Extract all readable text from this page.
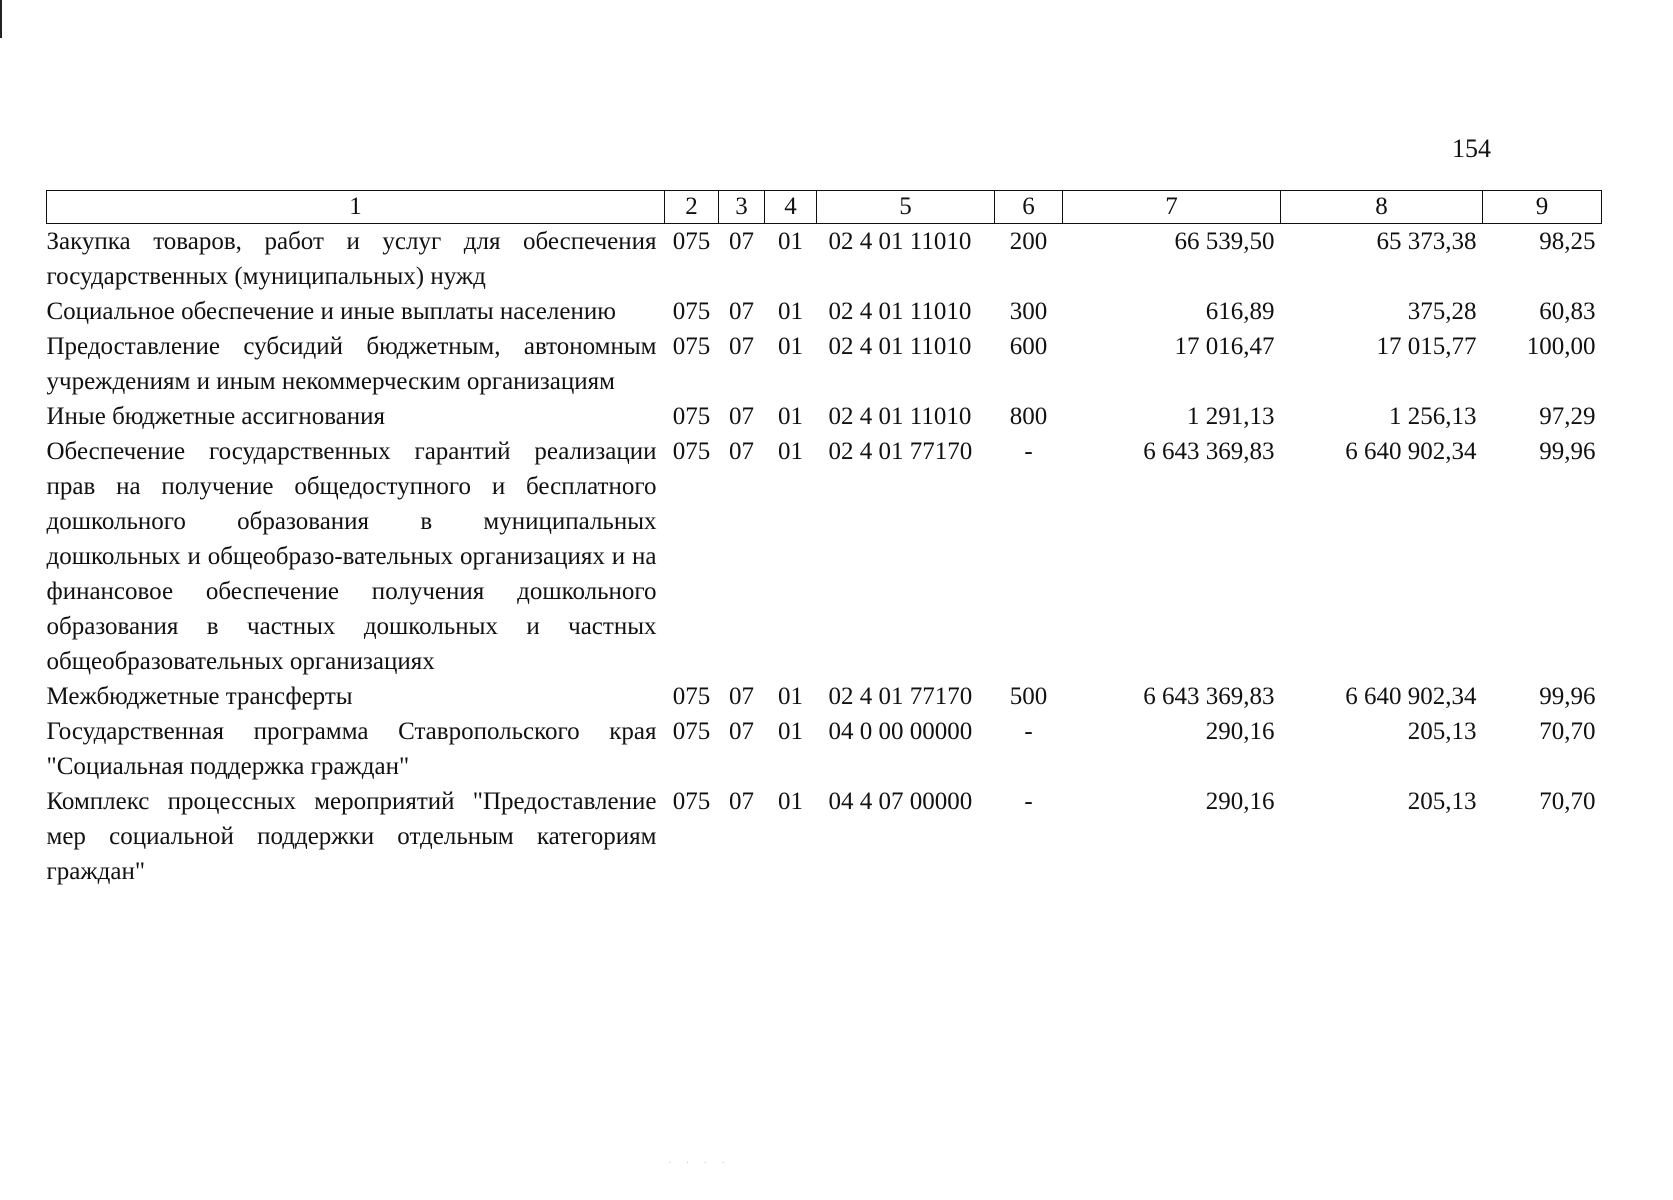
154
1	2	3	4	5	6	7	8	9
Закупка товаров, работ и услуг для обеспечения государственных (муниципальных) нужд	075	07	01	02 4 01 11010	200	66 539,50	65 373,38	98,25
Социальное обеспечение и иные выплаты населению	075	07	01	02 4 01 11010	300	616,89	375,28	60,83
Предоставление субсидий бюджетным, автономным учреждениям и иным некоммерческим организациям	075	07	01	02 4 01 11010	600	17 016,47	17 015,77	100,00
Иные бюджетные ассигнования	075	07	01	02 4 01 11010	800	1 291,13	1 256,13	97,29
Обеспечение государственных гарантий реализации прав на получение общедоступного и бесплатного дошкольного образования в муниципальных дошкольных и общеобразо-вательных организациях и на финансовое обеспечение получения дошкольного образования в частных дошкольных и частных общеобразовательных организациях	075	07	01	02 4 01 77170	-	6 643 369,83	6 640 902,34	99,96
Межбюджетные трансферты	075	07	01	02 4 01 77170	500	6 643 369,83	6 640 902,34	99,96
Государственная программа Ставропольского края "Социальная поддержка граждан"	075	07	01	04 0 00 00000	-	290,16	205,13	70,70
Комплекс процессных мероприятий "Предоставление мер социальной поддержки отдельным категориям граждан"	075	07	01	04 4 07 00000	-	290,16	205,13	70,70
· · · ·
